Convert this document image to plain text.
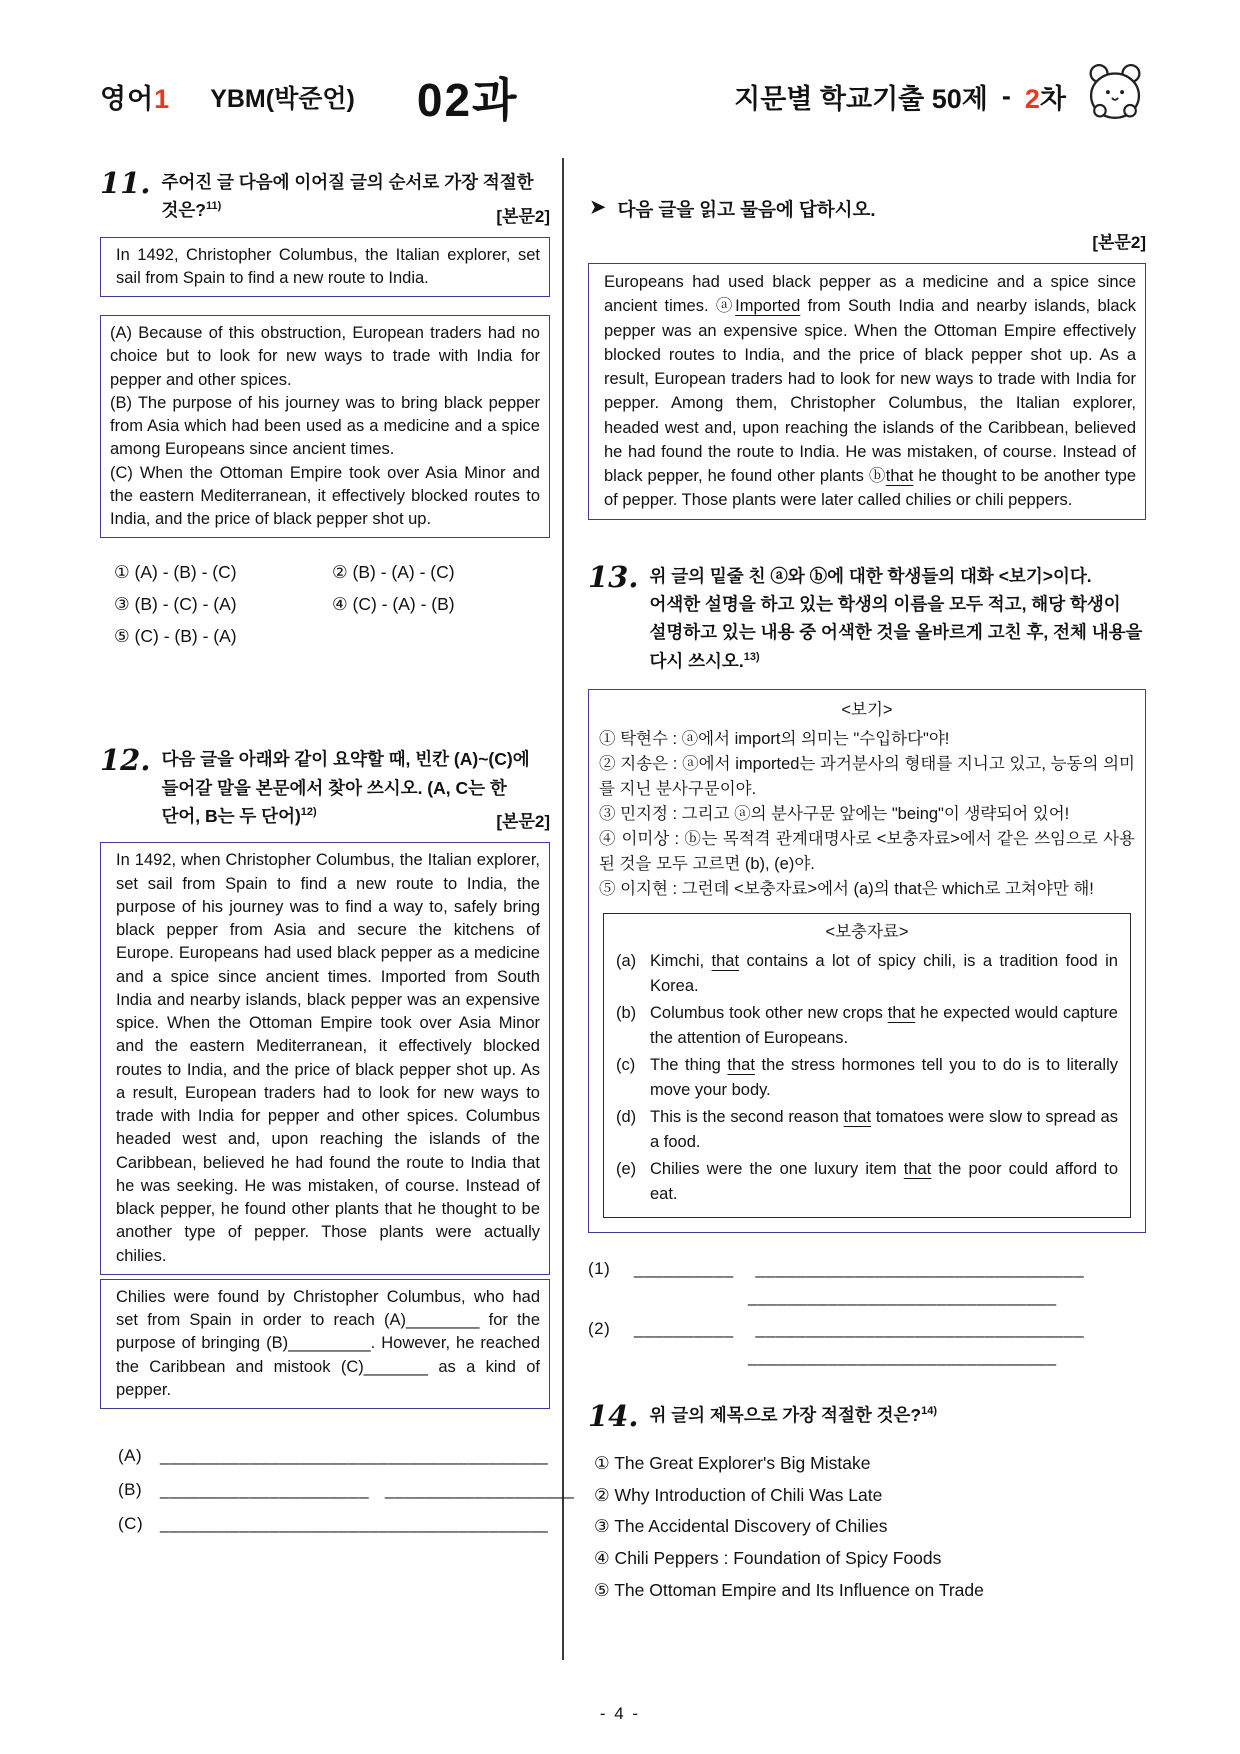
영어1 YBM(박준언) 02과	지문별 학교기출 50제 - 2차
11. 주어진 글 다음에 이어질 글의 순서로 가장 적절한 것은?$^{11)}$
[본문2]

In 1492, Christopher Columbus, the Italian explorer, set sail from Spain to find a new route to India.

(A) Because of this obstruction, European traders had no choice but to look for new ways to trade with India for pepper and other spices.

(B) The purpose of his journey was to bring black pepper from Asia which had been used as a medicine and a spice among Europeans since ancient times.

(C) When the Ottoman Empire took over Asia Minor and the eastern Mediterranean, it effectively blocked routes to India, and the price of black pepper shot up.

① (A) - (B) - (C)	② (B) - (A) - (C)
③ (B) - (C) - (A)	④ (C) - (A) - (B)
⑤ (C) - (B) - (A)
12. 다음 글을 아래와 같이 요약할 때, 빈칸 (A)~(C)에 들어갈 말을 본문에서 찾아 쓰시오. (A, C는 한 단어, B는 두 단어)$^{12)}$
[본문2]

In 1492, when Christopher Columbus, the Italian explorer, set sail from Spain to find a new route to India, the purpose of his journey was to find a way to, safely bring black pepper from Asia and secure the kitchens of Europe. Europeans had used black pepper as a medicine and a spice since ancient times. Imported from South India and nearby islands, black pepper was an expensive spice. When the Ottoman Empire took over Asia Minor and the eastern Mediterranean, it effectively blocked routes to India, and the price of black pepper shot up. As a result, European traders had to look for new ways to trade with India for pepper and other spices. Columbus headed west and, upon reaching the islands of the Caribbean, believed he had found the route to India that he was seeking. He was mistaken, of course. Instead of black pepper, he found other plants that he thought to be another type of pepper. Those plants were actually chilies.

Chilies were found by Christopher Columbus, who had set from Spain in order to reach (A)________ for the purpose of bringing (B)_________. However, he reached the Caribbean and mistook (C)_______ as a kind of pepper.

(A) _______________________________________

(B) _____________________ ___________________

(C) _______________________________________

➤ 다음 글을 읽고 물음에 답하시오.
[본문2]

Europeans had used black pepper as a medicine and a spice since ancient times. ⓐImported from South India and nearby islands, black pepper was an expensive spice. When the Ottoman Empire effectively blocked routes to India, and the price of black pepper shot up. As a result, European traders had to look for new ways to trade with India for pepper. Among them, Christopher Columbus, the Italian explorer, headed west and, upon reaching the islands of the Caribbean, believed he had found the route to India. He was mistaken, of course. Instead of black pepper, he found other plants ⓑthat he thought to be another type of pepper. Those plants were later called chilies or chili peppers.

13. 위 글의 밑줄 친 ⓐ와 ⓑ에 대한 학생들의 대화 <보기>이다. 어색한 설명을 하고 있는 학생의 이름을 모두 적고, 해당 학생이 설명하고 있는 내용 중 어색한 것을 올바르게 고친 후, 전체 내용을 다시 쓰시오.$^{13)}$

<보기>

① 탁현수 : ⓐ에서 import의 의미는 "수입하다"야!

② 지송은 : ⓐ에서 imported는 과거분사의 형태를 지니고 있고, 능동의 의미를 지닌 분사구문이야.

③ 민지정 : 그리고 ⓐ의 분사구문 앞에는 "being"이 생략되어 있어!

④ 이미상 : ⓑ는 목적격 관계대명사로 <보충자료>에서 같은 쓰임으로 사용된 것을 모두 고르면 (b), (e)야.

⑤ 이지현 : 그런데 <보충자료>에서 (a)의 that은 which로 고쳐야만 해!

<보충자료>

(a) Kimchi, that contains a lot of spicy chili, is a tradition food in Korea.
(b) Columbus took other new crops that he expected would capture the attention of Europeans.
(c) The thing that the stress hormones tell you to do is to literally move your body.
(d) This is the second reason that tomatoes were slow to spread as a food.
(e) Chilies were the one luxury item that the poor could afford to eat.
(1)	__________ _________________________________
_______________________________
(2)	__________ _________________________________
_______________________________
14. 위 글의 제목으로 가장 적절한 것은?$^{14)}$

① The Great Explorer's Big Mistake

② Why Introduction of Chili Was Late

③ The Accidental Discovery of Chilies

④ Chili Peppers : Foundation of Spicy Foods

⑤ The Ottoman Empire and Its Influence on Trade

- 4 -
